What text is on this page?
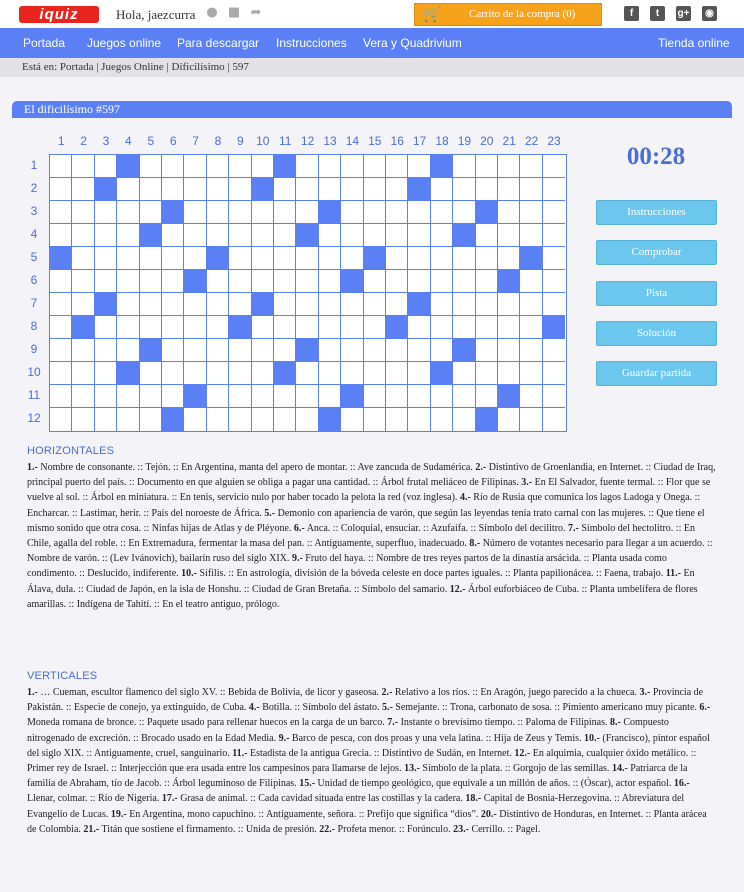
iquiz	Hola, jaezcurra ● ■ ➦	🛒 Carrito de la compra (0)	f	t	g+	◉
Portada Juegos online Para descargar Instrucciones Vera y Quadrivium	Tienda online
Está en: Portada | Juegos Online | Dificilísimo | 597
El dificilísimo #597
1	2	3	4	5	6	7	8	9	10 11 12 13 14 15 16 17 18 19 20 21 22 23
1
2
3
4
5
6
7
8
9
10
11
12
00:28
Instrucciones
Comprobar
Pista
Solución
Guardar partida
HORIZONTALES
1.- Nombre de consonante. :: Tejón. :: En Argentina, manta del apero de montar. :: Ave zancuda de Sudamérica. 2.- Distintivo de Groenlandia, en Internet. :: Ciudad de Iraq, principal puerto del país. :: Documento en que alguien se obliga a pagar una cantidad. :: Árbol frutal meliáceo de Filipinas. 3.- En El Salvador, fuente termal. :: Flor que se vuelve al sol. :: Árbol en miniatura. :: En tenis, servicio nulo por haber tocado la pelota la red (voz inglesa). 4.- Río de Rusia que comunica los lagos Ladoga y Onega. :: Encharcar. :: Lastimar, herir. :: País del noroeste de África. 5.- Demonio con apariencia de varón, que según las leyendas tenía trato carnal con las mujeres. :: Que tiene el mismo sonido que otra cosa. :: Ninfas hijas de Atlas y de Pléyone. 6.- Anca. :: Coloquial, ensuciar. :: Azufaifa. :: Símbolo del decilitro. 7.- Símbolo del hectolitro. :: En Chile, agalla del roble. :: En Extremadura, fermentar la masa del pan. :: Antiguamente, superfluo, inadecuado. 8.- Número de votantes necesario para llegar a un acuerdo. :: Nombre de varón. :: (Lev Ivánovich), bailarín ruso del siglo XIX. 9.- Fruto del haya. :: Nombre de tres reyes partos de la dinastía arsácida. :: Planta usada como condimento. :: Deslucido, indiferente. 10.- Sífilis. :: En astrología, división de la bóveda celeste en doce partes iguales. :: Planta papilionácea. :: Faena, trabajo. 11.- En Álava, dula. :: Ciudad de Japón, en la isla de Honshu. :: Ciudad de Gran Bretaña. :: Símbolo del samario. 12.- Árbol euforbiáceo de Cuba. :: Planta umbelífera de flores amarillas. :: Indígena de Tahití. :: En el teatro antiguo, prólogo.
VERTICALES
1.- … Cueman, escultor flamenco del siglo XV. :: Bebida de Bolivia, de licor y gaseosa. 2.- Relativo a los ríos. :: En Aragón, juego parecido a la chueca. 3.- Provincia de Pakistán. :: Especie de conejo, ya extinguido, de Cuba. 4.- Botilla. :: Símbolo del ástato. 5.- Semejante. :: Trona, carbonato de sosa. :: Pimiento americano muy picante. 6.- Moneda romana de bronce. :: Paquete usado para rellenar huecos en la carga de un barco. 7.- Instante o brevísimo tiempo. :: Paloma de Filipinas. 8.- Compuesto nitrogenado de excreción. :: Brocado usado en la Edad Media. 9.- Barco de pesca, con dos proas y una vela latina. :: Hija de Zeus y Temis. 10.- (Francisco), pintor español del siglo XIX. :: Antiguamente, cruel, sanguinario. 11.- Estadista de la antigua Grecia. :: Distintivo de Sudán, en Internet. 12.- En alquimia, cualquier óxido metálico. :: Primer rey de Israel. :: Interjección que era usada entre los campesinos para llamarse de lejos. 13.- Símbolo de la plata. :: Gorgojo de las semillas. 14.- Patriarca de la familia de Abraham, tío de Jacob. :: Árbol leguminoso de Filipinas. 15.- Unidad de tiempo geológico, que equivale a un millón de años. :: (Óscar), actor español. 16.- Llenar, colmar. :: Río de Nigeria. 17.- Grasa de animal. :: Cada cavidad situada entre las costillas y la cadera. 18.- Capital de Bosnia-Herzegovina. :: Abreviatura del Evangelio de Lucas. 19.- En Argentina, mono capuchino. :: Antiguamente, señora. :: Prefijo que significa “dios”. 20.- Distintivo de Honduras, en Internet. :: Planta arácea de Colombia. 21.- Titán que sostiene el firmamento. :: Unida de presión. 22.- Profeta menor. :: Forúnculo. 23.- Cerrillo. :: Pagel.
